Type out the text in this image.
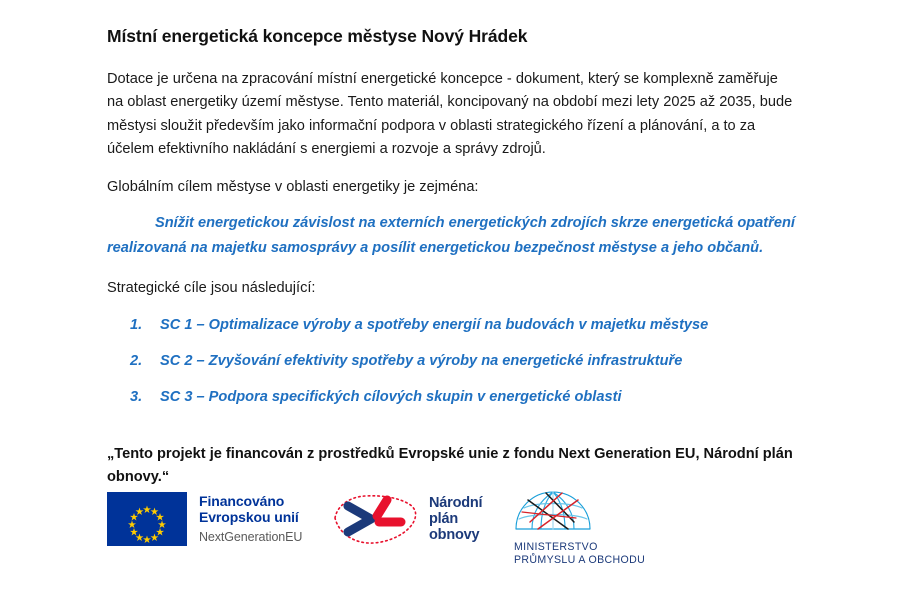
Místní energetická koncepce městyse Nový Hrádek

Dotace je určena na zpracování místní energetické koncepce - dokument, který se komplexně zaměřuje na oblast energetiky území městyse. Tento materiál, koncipovaný na období mezi lety 2025 až 2035, bude městysi sloužit především jako informační podpora v oblasti strategického řízení a plánování, a to za účelem efektivního nakládání s energiemi a rozvoje a správy zdrojů.

Globálním cílem městyse v oblasti energetiky je zejména:

Snížit energetickou závislost na externích energetických zdrojích skrze energetická opatření realizovaná na majetku samosprávy a posílit energetickou bezpečnost městyse a jeho občanů.

Strategické cíle jsou následující:

1.	SC 1 – Optimalizace výroby a spotřeby energií na budovách v majetku městyse
2.	SC 2 – Zvyšování efektivity spotřeby a výroby na energetické infrastruktuře
3.	SC 3 – Podpora specifických cílových skupin v energetické oblasti

„Tento projekt je financován z prostředků Evropské unie z fondu Next Generation EU, Národní plán obnovy.“

Financováno
Evropskou unií
NextGenerationEU
Národní
plán
obnovy
MINISTERSTVO
PRŮMYSLU A OBCHODU
